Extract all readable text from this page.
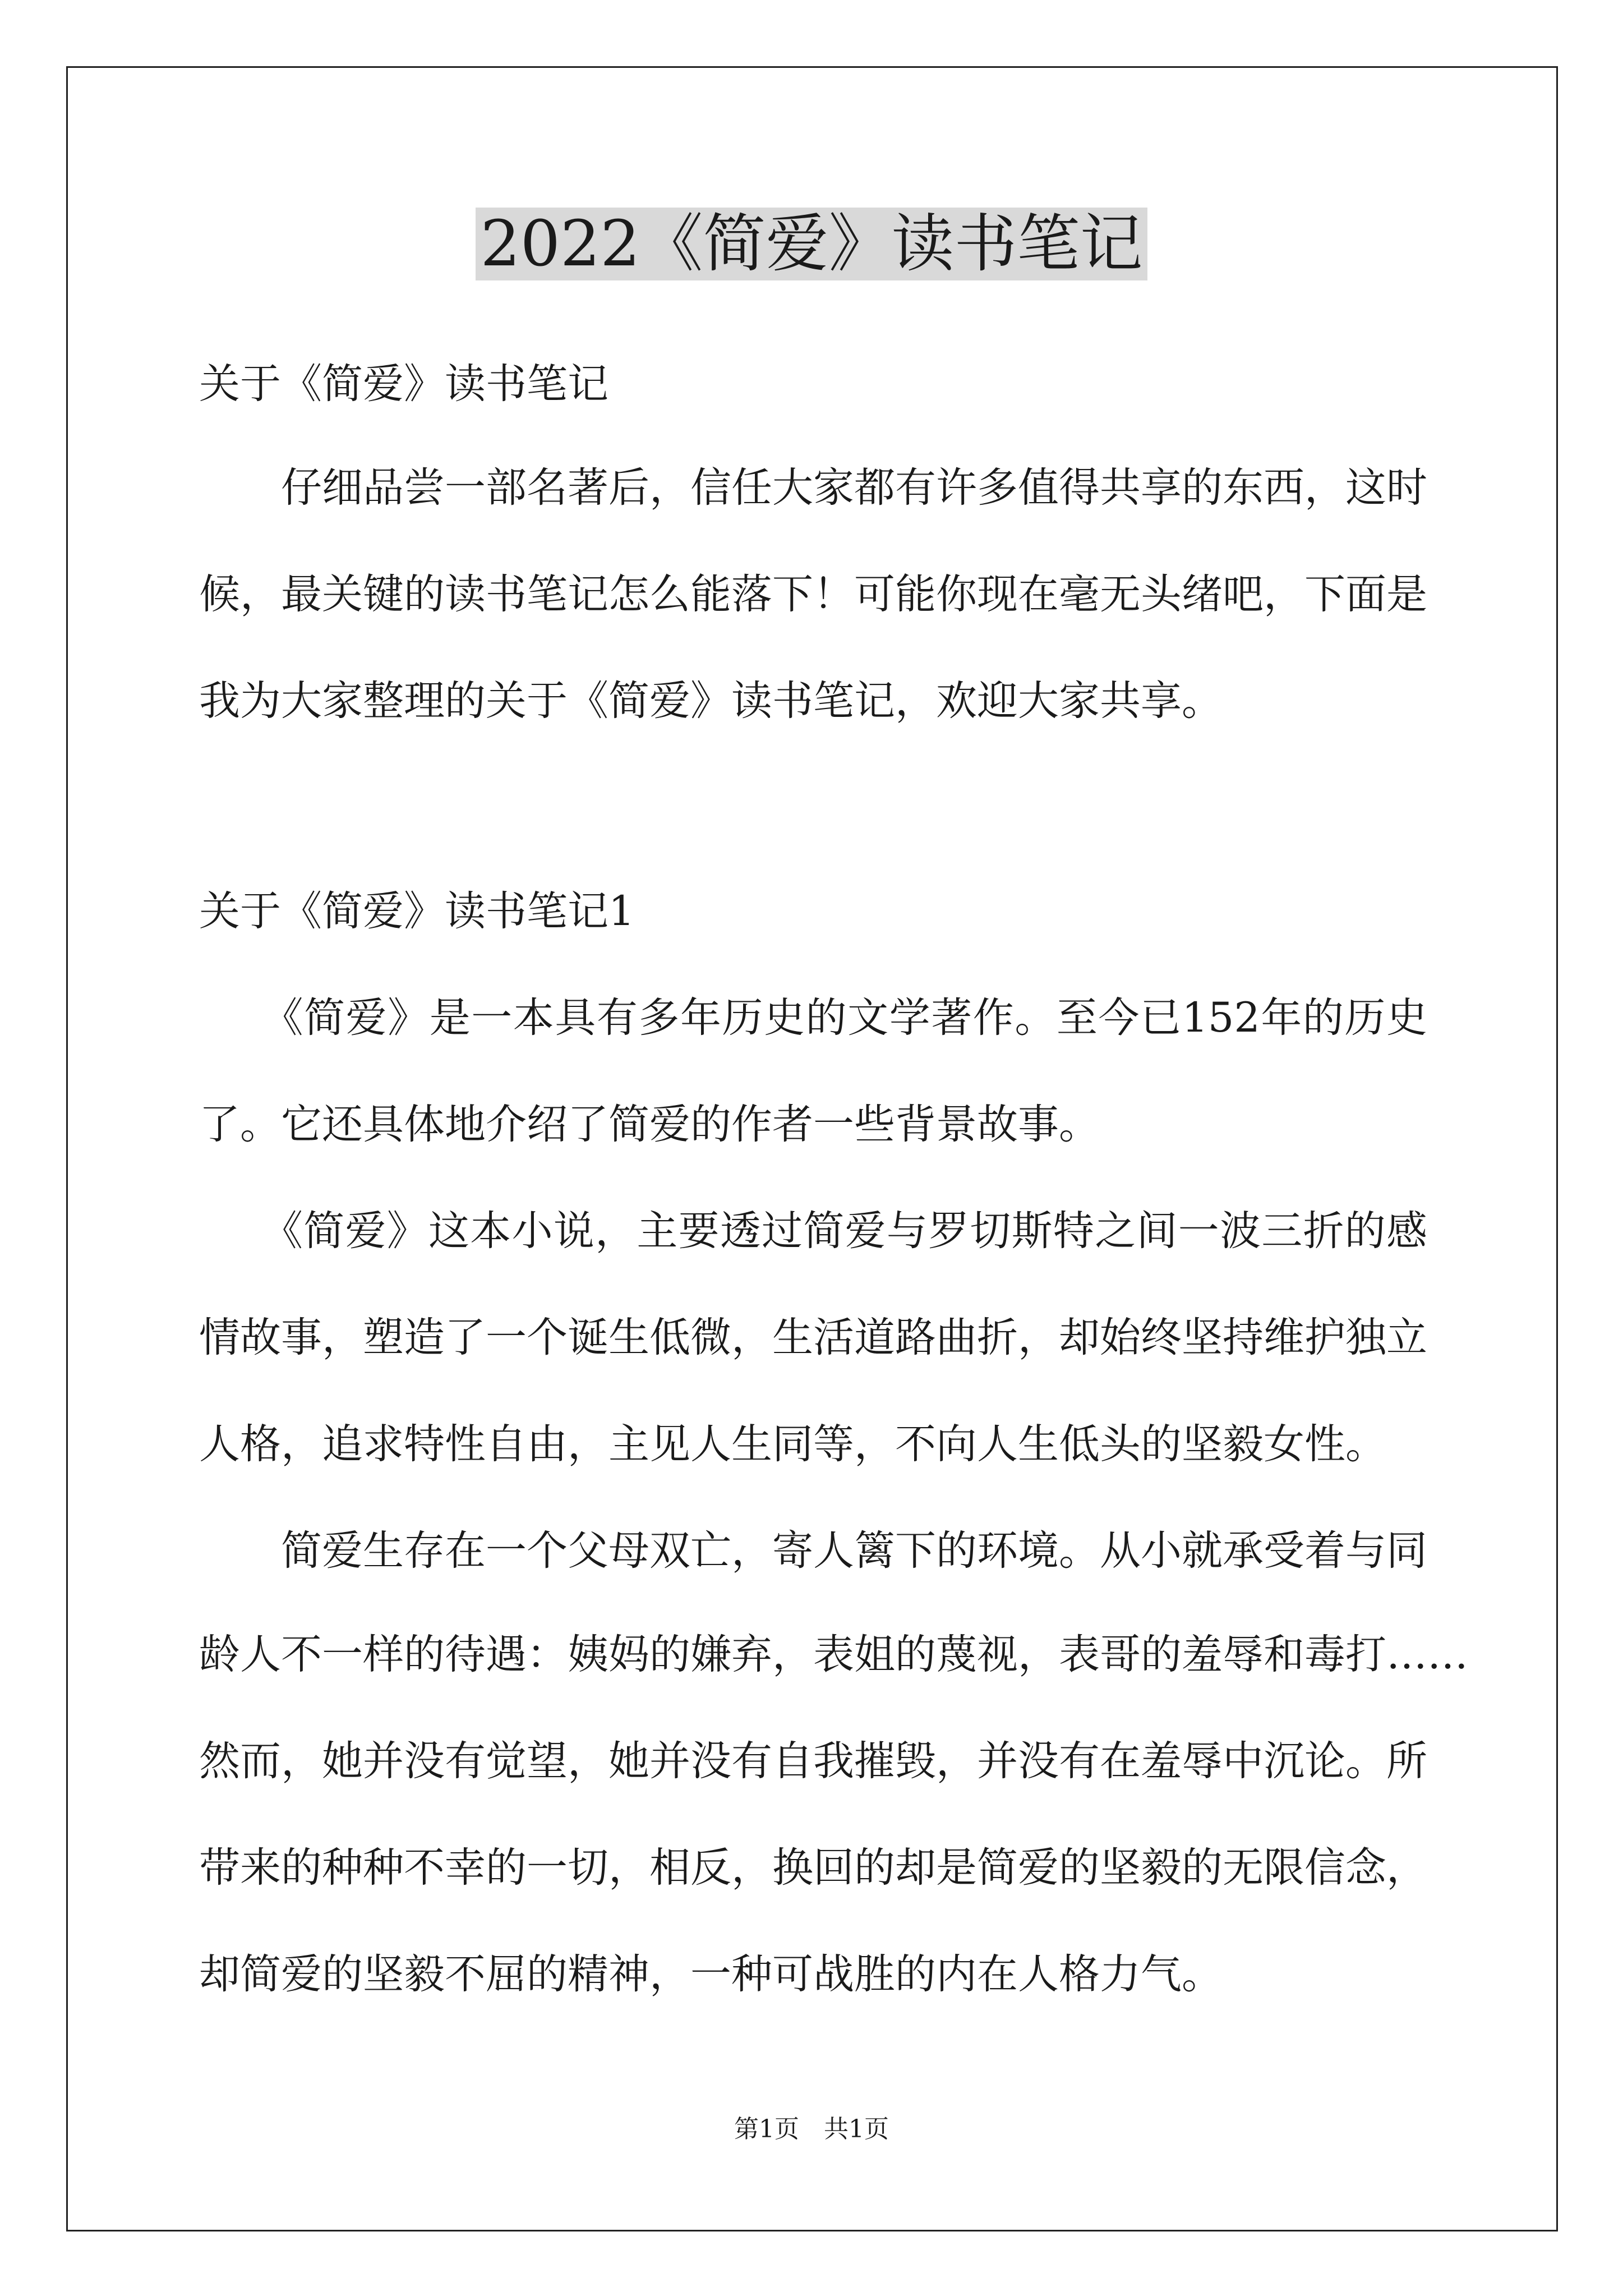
2022《简爱》读书笔记
关于《简爱》读书笔记
　　仔细品尝一部名著后，信任大家都有许多值得共享的东西，这时
候，最关键的读书笔记怎么能落下！可能你现在毫无头绪吧，下面是
我为大家整理的关于《简爱》读书笔记，欢迎大家共享。
关于《简爱》读书笔记1
　　《简爱》是一本具有多年历史的文学著作。至今已152年的历史
了。它还具体地介绍了简爱的作者一些背景故事。
　　《简爱》这本小说，主要透过简爱与罗切斯特之间一波三折的感
情故事，塑造了一个诞生低微，生活道路曲折，却始终坚持维护独立
人格，追求特性自由，主见人生同等，不向人生低头的坚毅女性。
　　简爱生存在一个父母双亡，寄人篱下的环境。从小就承受着与同
龄人不一样的待遇：姨妈的嫌弃，表姐的蔑视，表哥的羞辱和毒打……
然而，她并没有觉望，她并没有自我摧毁，并没有在羞辱中沉论。所
带来的种种不幸的一切，相反，换回的却是简爱的坚毅的无限信念，
却简爱的坚毅不屈的精神，一种可战胜的内在人格力气。
第1页　共1页
